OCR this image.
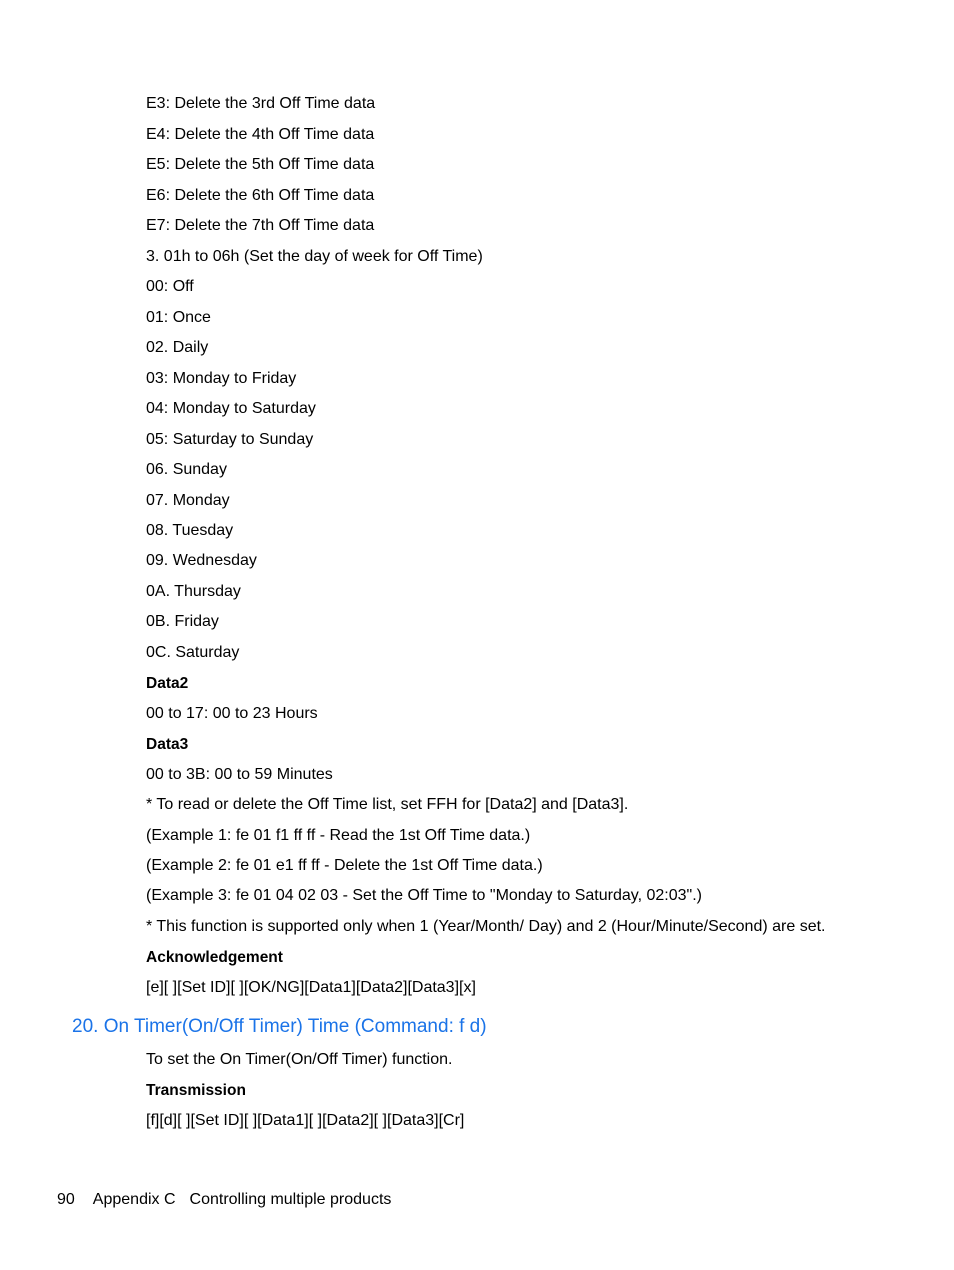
E3: Delete the 3rd Off Time data
E4: Delete the 4th Off Time data
E5: Delete the 5th Off Time data
E6: Delete the 6th Off Time data
E7: Delete the 7th Off Time data
3. 01h to 06h (Set the day of week for Off Time)
00: Off
01: Once
02. Daily
03: Monday to Friday
04: Monday to Saturday
05: Saturday to Sunday
06. Sunday
07. Monday
08. Tuesday
09. Wednesday
0A. Thursday
0B. Friday
0C. Saturday
Data2
00 to 17: 00 to 23 Hours
Data3
00 to 3B: 00 to 59 Minutes
* To read or delete the Off Time list, set FFH for [Data2] and [Data3].
(Example 1: fe 01 f1 ff ff - Read the 1st Off Time data.)
(Example 2: fe 01 e1 ff ff - Delete the 1st Off Time data.)
(Example 3: fe 01 04 02 03 - Set the Off Time to "Monday to Saturday, 02:03".)
* This function is supported only when 1 (Year/Month/ Day) and 2 (Hour/Minute/Second) are set.
Acknowledgement
[e][ ][Set ID][ ][OK/NG][Data1][Data2][Data3][x]
20. On Timer(On/Off Timer) Time (Command: f d)
To set the On Timer(On/Off Timer) function.
Transmission
[f][d][ ][Set ID][ ][Data1][ ][Data2][ ][Data3][Cr]
90 Appendix C Controlling multiple products
